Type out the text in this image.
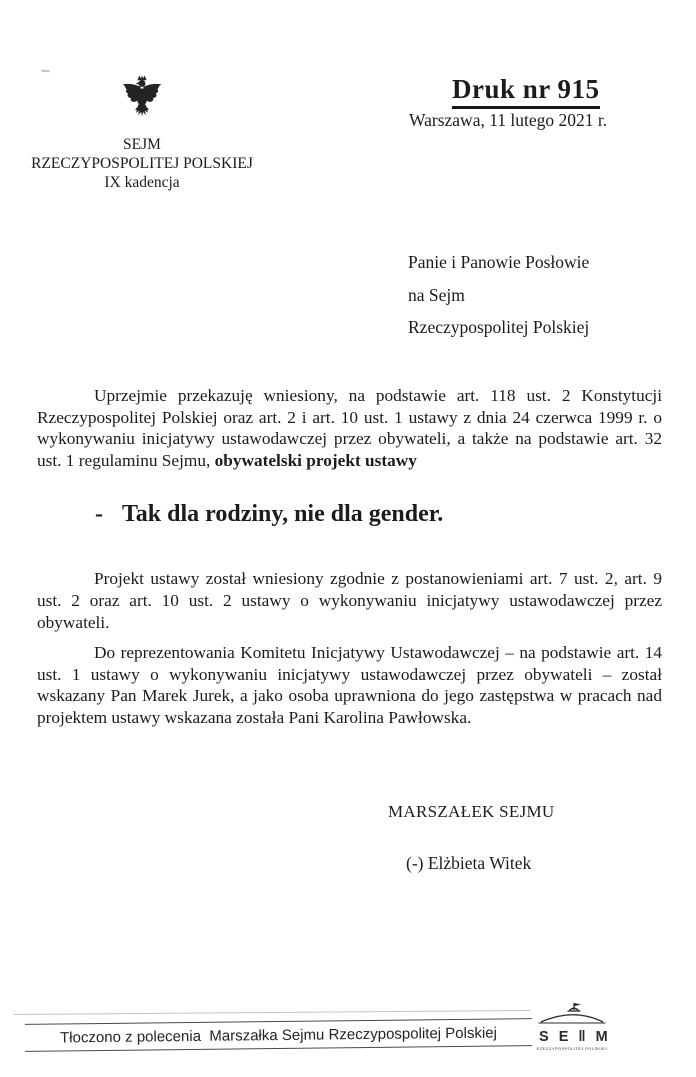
SEJM
RZECZYPOSPOLITEJ POLSKIEJ
IX kadencja
Druk nr 915
Warszawa, 11 lutego 2021 r.
Panie i Panowie Posłowie
na Sejm
Rzeczypospolitej Polskiej

Uprzejmie przekazuję wniesiony, na podstawie art. 118 ust. 2 Konstytucji Rzeczypospolitej Polskiej oraz art. 2 i art. 10 ust. 1 ustawy z dnia 24 czerwca 1999 r. o wykonywaniu inicjatywy ustawodawczej przez obywateli, a także na podstawie art. 32 ust. 1 regulaminu Sejmu, obywatelski projekt ustawy

- Tak dla rodziny, nie dla gender.

Projekt ustawy został wniesiony zgodnie z postanowieniami art. 7 ust. 2, art. 9 ust. 2 oraz art. 10 ust. 2 ustawy o wykonywaniu inicjatywy ustawodawczej przez obywateli.

Do reprezentowania Komitetu Inicjatywy Ustawodawczej – na podstawie art. 14 ust. 1 ustawy o wykonywaniu inicjatywy ustawodawczej przez obywateli – został wskazany Pan Marek Jurek, a jako osoba uprawniona do jego zastępstwa w pracach nad projektem ustawy wskazana została Pani Karolina Pawłowska.

MARSZAŁEK SEJMU
(-) Elżbieta Witek
Tłoczono z polecenia  Marszałka Sejmu Rzeczypospolitej Polskiej	S E ‖ M
RZECZYPOSPOLITEJ POLSKIEJ
